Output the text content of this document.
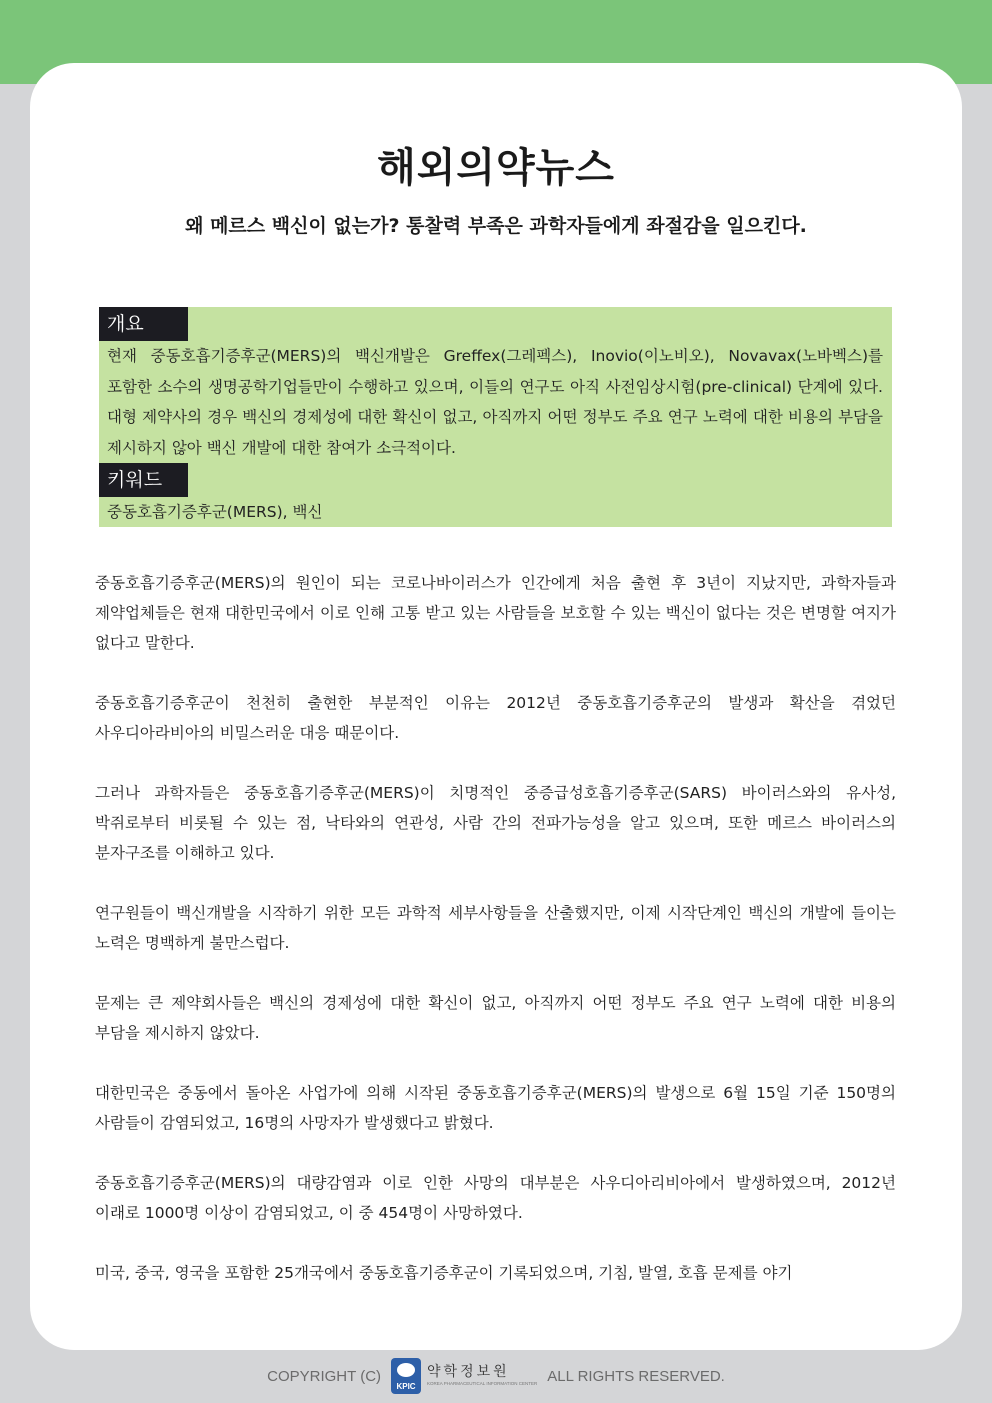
해외의약뉴스
왜 메르스 백신이 없는가? 통찰력 부족은 과학자들에게 좌절감을 일으킨다.
개요
현재 중동호흡기증후군(MERS)의 백신개발은 Greffex(그레펙스), Inovio(이노비오), Novavax(노바벡스)를 포함한 소수의 생명공학기업들만이 수행하고 있으며, 이들의 연구도 아직 사전임상시험(pre-clinical) 단계에 있다. 대형 제약사의 경우 백신의 경제성에 대한 확신이 없고, 아직까지 어떤 정부도 주요 연구 노력에 대한 비용의 부담을 제시하지 않아 백신 개발에 대한 참여가 소극적이다.
키워드
중동호흡기증후군(MERS), 백신

중동호흡기증후군(MERS)의 원인이 되는 코로나바이러스가 인간에게 처음 출현 후 3년이 지났지만, 과학자들과 제약업체들은 현재 대한민국에서 이로 인해 고통 받고 있는 사람들을 보호할 수 있는 백신이 없다는 것은 변명할 여지가 없다고 말한다.

중동호흡기증후군이 천천히 출현한 부분적인 이유는 2012년 중동호흡기증후군의 발생과 확산을 겪었던 사우디아라비아의 비밀스러운 대응 때문이다.

그러나 과학자들은 중동호흡기증후군(MERS)이 치명적인 중증급성호흡기증후군(SARS) 바이러스와의 유사성, 박쥐로부터 비롯될 수 있는 점, 낙타와의 연관성, 사람 간의 전파가능성을 알고 있으며, 또한 메르스 바이러스의 분자구조를 이해하고 있다.

연구원들이 백신개발을 시작하기 위한 모든 과학적 세부사항들을 산출했지만, 이제 시작단계인 백신의 개발에 들이는 노력은 명백하게 불만스럽다.

문제는 큰 제약회사들은 백신의 경제성에 대한 확신이 없고, 아직까지 어떤 정부도 주요 연구 노력에 대한 비용의 부담을 제시하지 않았다.

대한민국은 중동에서 돌아온 사업가에 의해 시작된 중동호흡기증후군(MERS)의 발생으로 6월 15일 기준 150명의 사람들이 감염되었고, 16명의 사망자가 발생했다고 밝혔다.

중동호흡기증후군(MERS)의 대량감염과 이로 인한 사망의 대부분은 사우디아리비아에서 발생하였으며, 2012년 이래로 1000명 이상이 감염되었고, 이 중 454명이 사망하였다.

미국, 중국, 영국을 포함한 25개국에서 중동호흡기증후군이 기록되었으며, 기침, 발열, 호흡 문제를 야기

COPYRIGHT (C)
KPIC
약학정보원
KOREA PHARMACEUTICAL INFORMATION CENTER ALL RIGHTS RESERVED.
